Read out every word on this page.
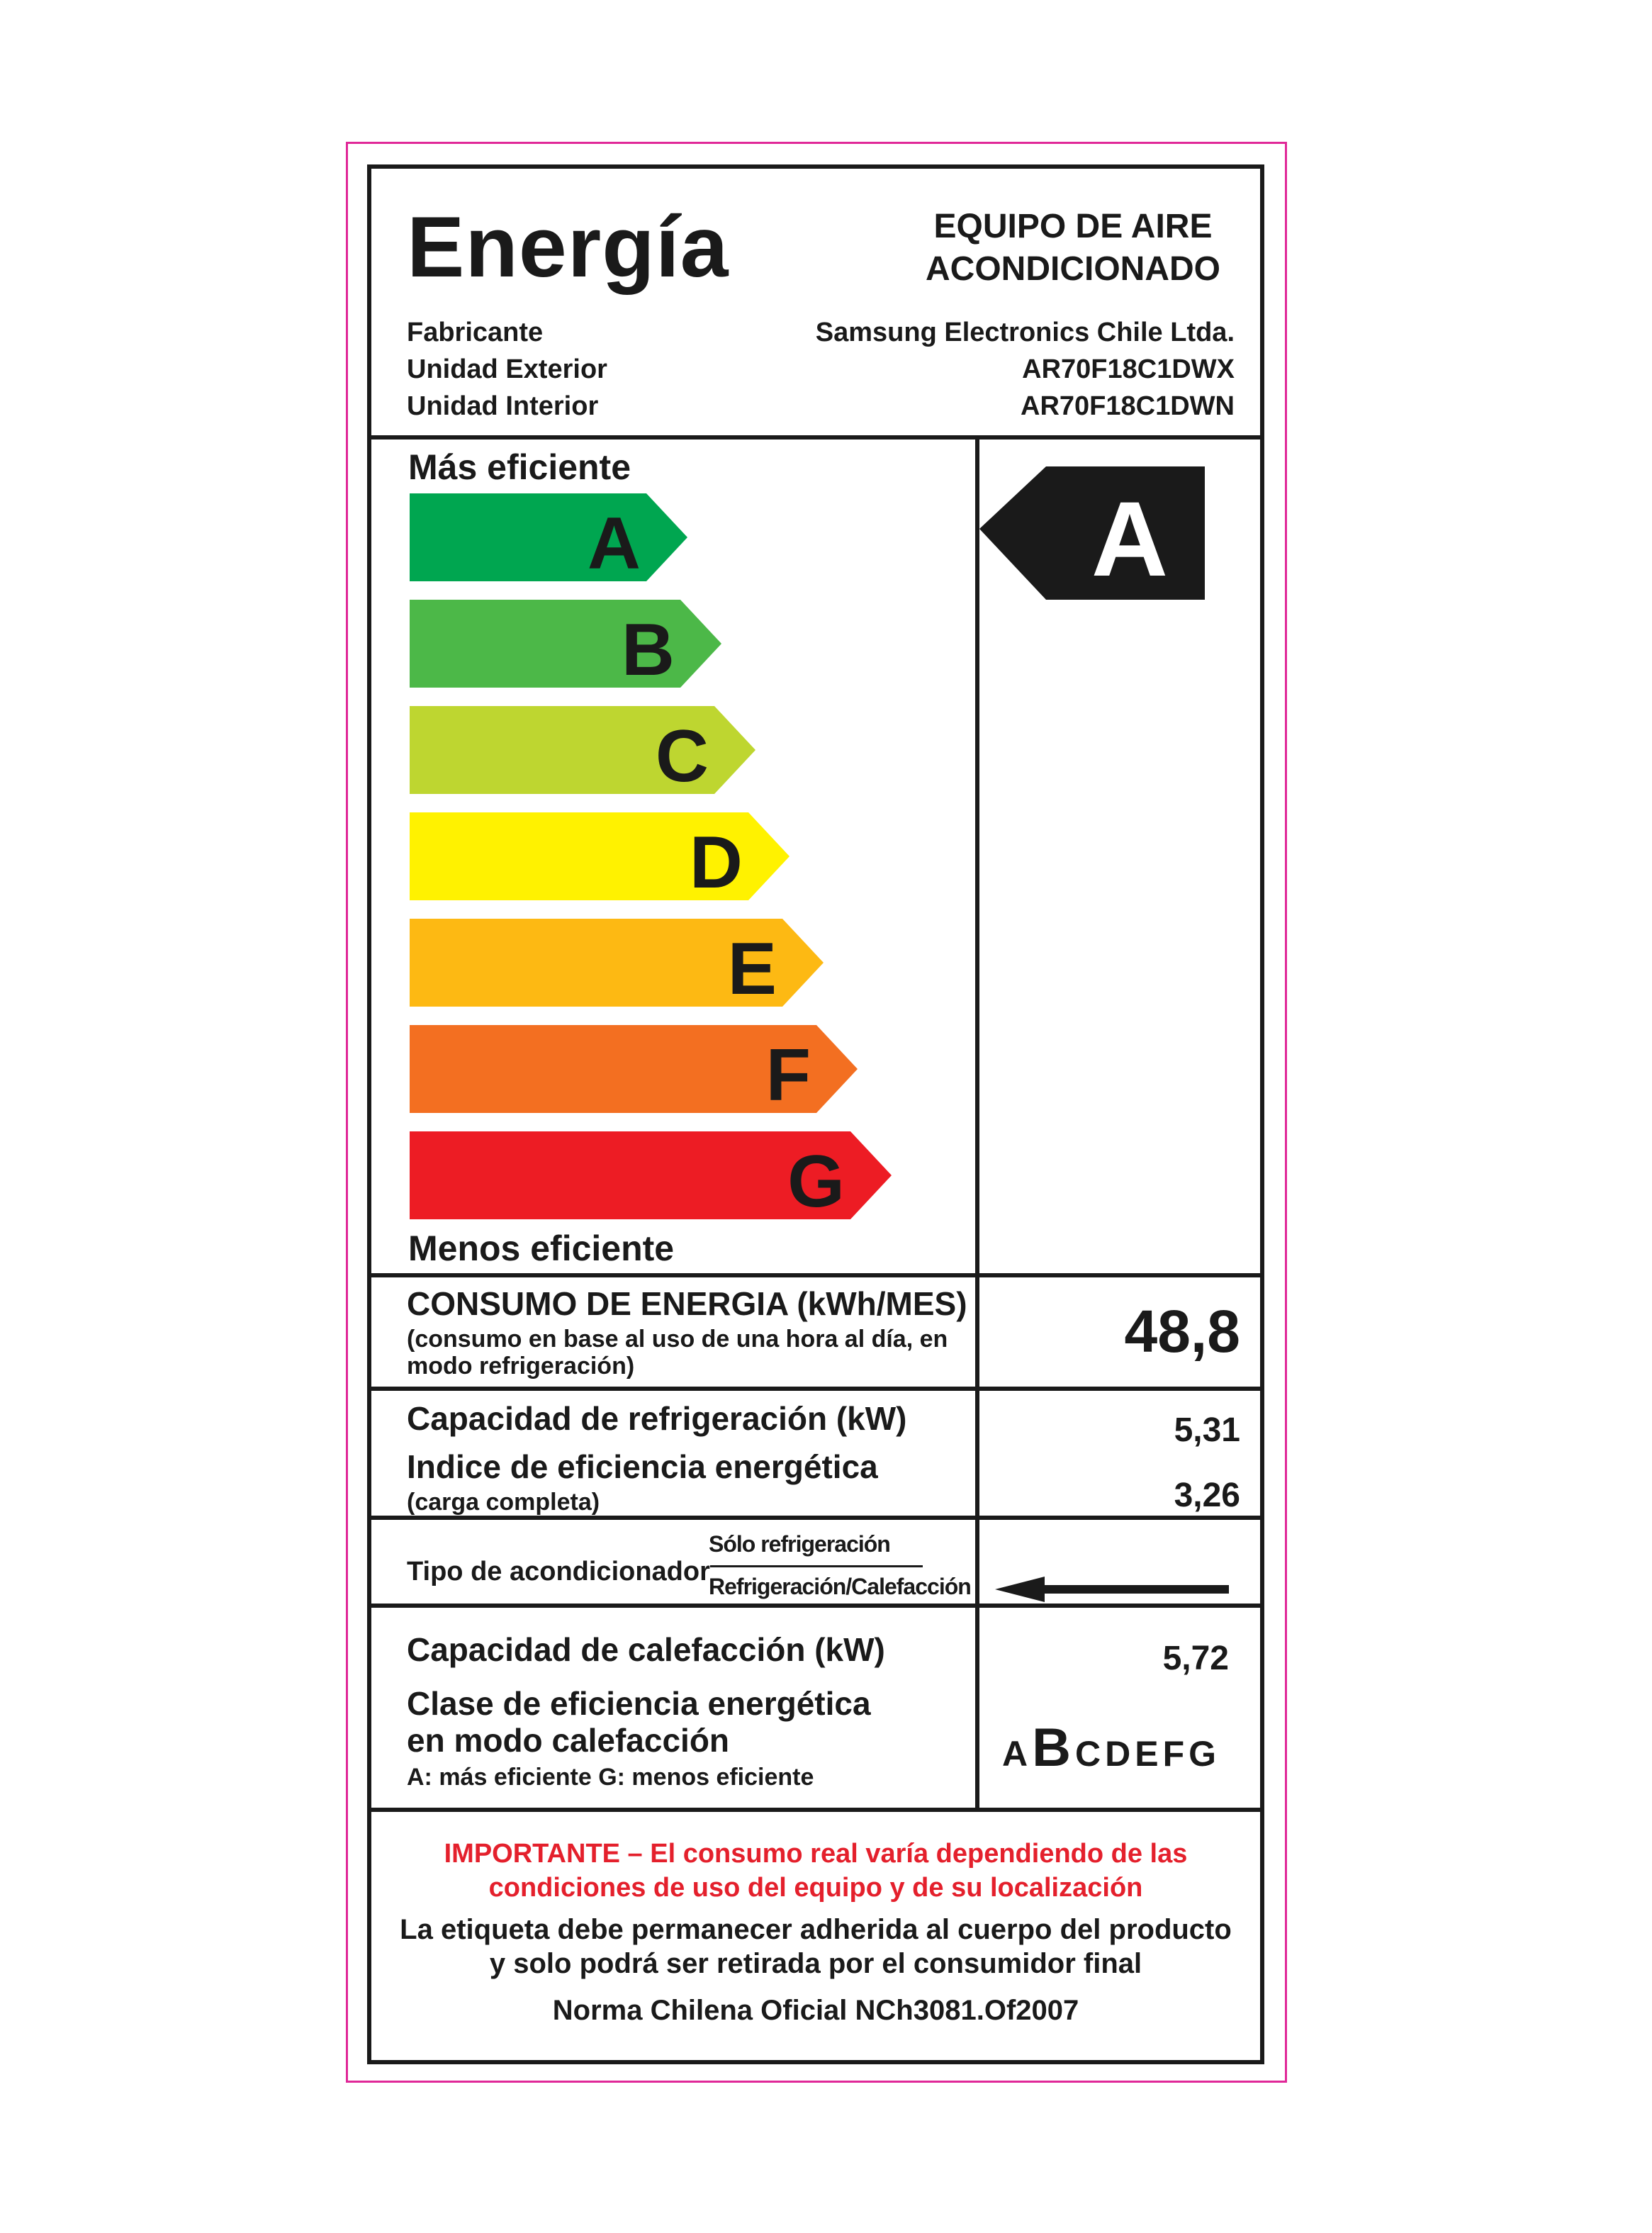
Energía	EQUIPO DE AIRE
ACONDICIONADO
Fabricante	Samsung Electronics Chile Ltda.
Unidad Exterior	AR70F18C1DWX
Unidad Interior	AR70F18C1DWN
Más eficiente
A
B
C
D
E
F
G
Menos eficiente
A
CONSUMO DE ENERGIA (kWh/MES)
(consumo en base al uso de una hora al día, en
modo refrigeración)
48,8
Capacidad de refrigeración (kW)	5,31
Indice de eficiencia energética
(carga completa)	3,26
Tipo de acondicionador
Sólo refrigeración
Refrigeración/Calefacción
Capacidad de calefacción (kW)	5,72
Clase de eficiencia energética
en modo calefacción
A: más eficiente G: menos eficiente
ABCDEFG
IMPORTANTE – El consumo real varía dependiendo de las
condiciones de uso del equipo y de su localización
La etiqueta debe permanecer adherida al cuerpo del producto
y solo podrá ser retirada por el consumidor final
Norma Chilena Oficial NCh3081.Of2007
